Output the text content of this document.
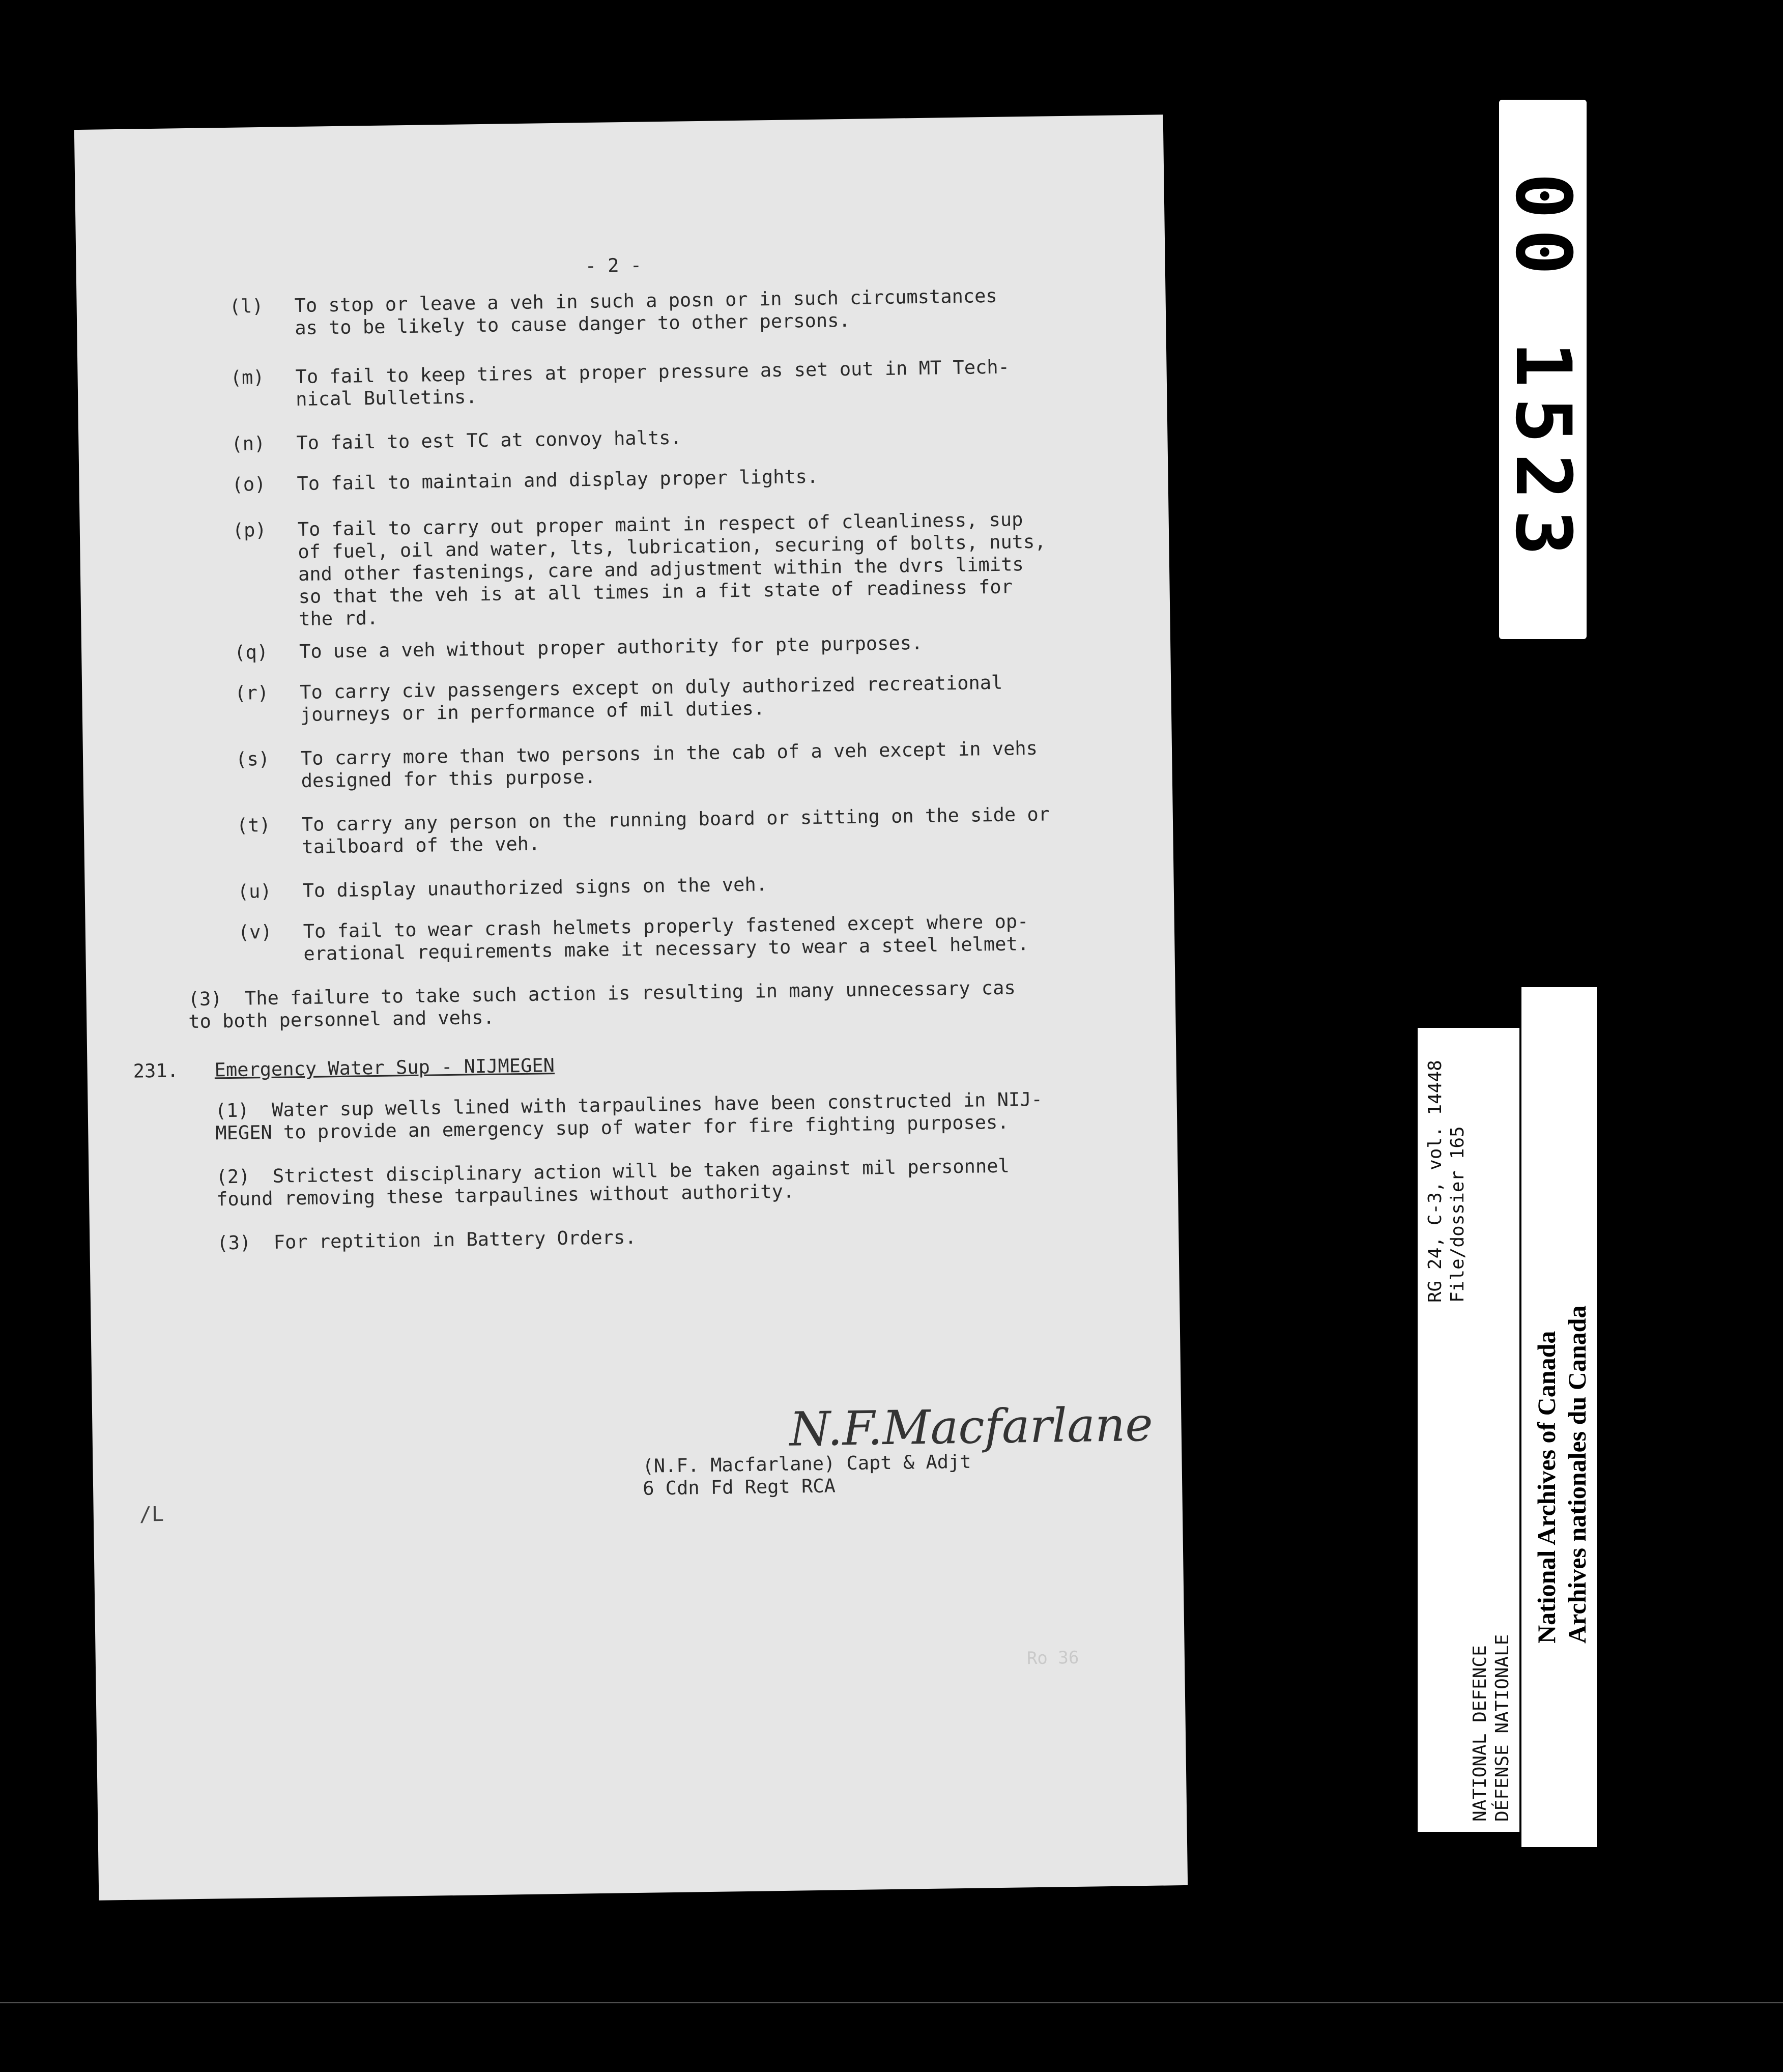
- 2 -
(l)	To stop or leave a veh in such a posn or in such circumstances
as to be likely to cause danger to other persons.
(m)	To fail to keep tires at proper pressure as set out in MT Tech-
nical Bulletins.
(n)	To fail to est TC at convoy halts.
(o)	To fail to maintain and display proper lights.
(p)	To fail to carry out proper maint in respect of cleanliness, sup
of fuel, oil and water, lts, lubrication, securing of bolts, nuts,
and other fastenings, care and adjustment within the dvrs limits
so that the veh is at all times in a fit state of readiness for
the rd.
(q)	To use a veh without proper authority for pte purposes.
(r)	To carry civ passengers except on duly authorized recreational
journeys or in performance of mil duties.
(s)	To carry more than two persons in the cab of a veh except in vehs
designed for this purpose.
(t)	To carry any person on the running board or sitting on the side or
tailboard of the veh.
(u)	To display unauthorized signs on the veh.
(v)	To fail to wear crash helmets properly fastened except where op-
erational requirements make it necessary to wear a steel helmet.
(3)  The failure to take such action is resulting in many unnecessary cas
to both personnel and vehs.
231. Emergency Water Sup - NIJMEGEN
(1)  Water sup wells lined with tarpaulines have been constructed in NIJ-
MEGEN to provide an emergency sup of water for fire fighting purposes.
(2)  Strictest disciplinary action will be taken against mil personnel
found removing these tarpaulines without authority.
(3)  For reptition in Battery Orders.
N.F.Macfarlane
(N.F. Macfarlane) Capt & Adjt
6 Cdn Fd Regt RCA
/L
Ro 36
00 1523
RG 24, C-3, vol. 14448 File/dossier 165
NATIONAL DEFENCE DÉFENSE NATIONALE
National Archives of Canada Archives nationales du Canada
